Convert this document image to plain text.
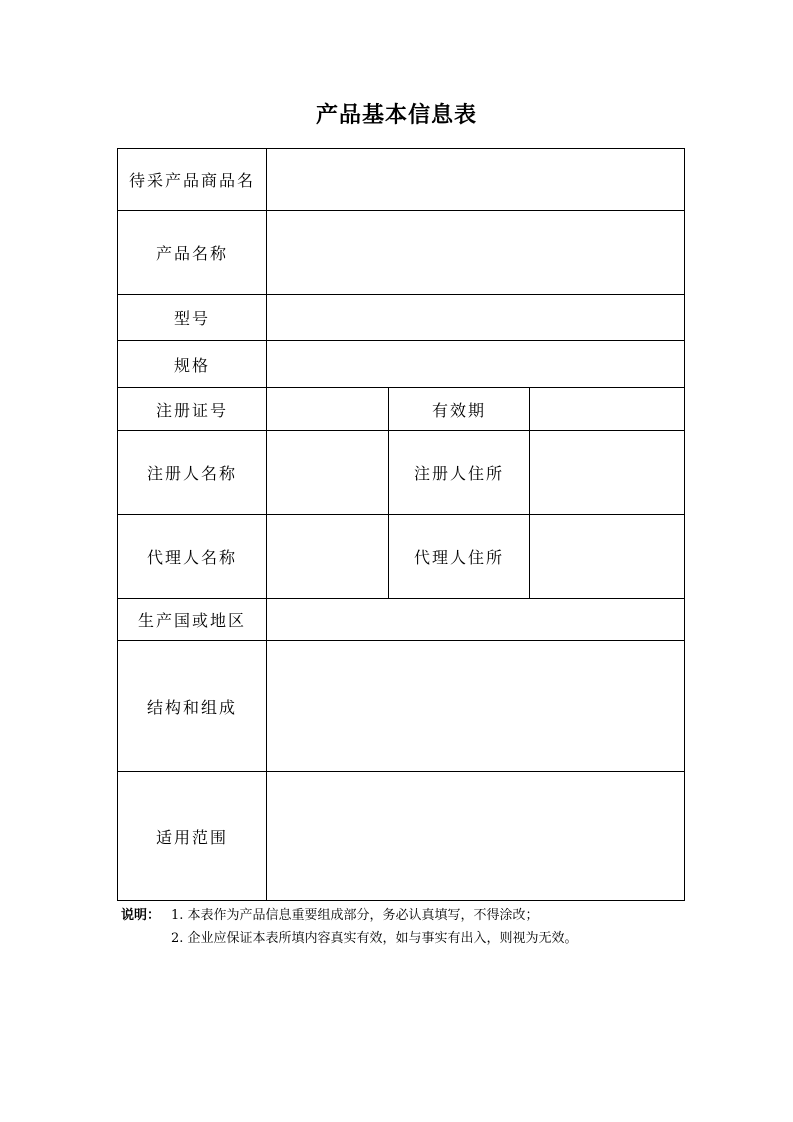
产品基本信息表
待采产品商品名			
产品名称			
型号			
规格			
注册证号		有效期	
注册人名称		注册人住所	
代理人名称		代理人住所	
生产国或地区			
结构和组成			
适用范围			
说明： 1. 本表作为产品信息重要组成部分，务必认真填写，不得涂改；
2. 企业应保证本表所填内容真实有效，如与事实有出入，则视为无效。
